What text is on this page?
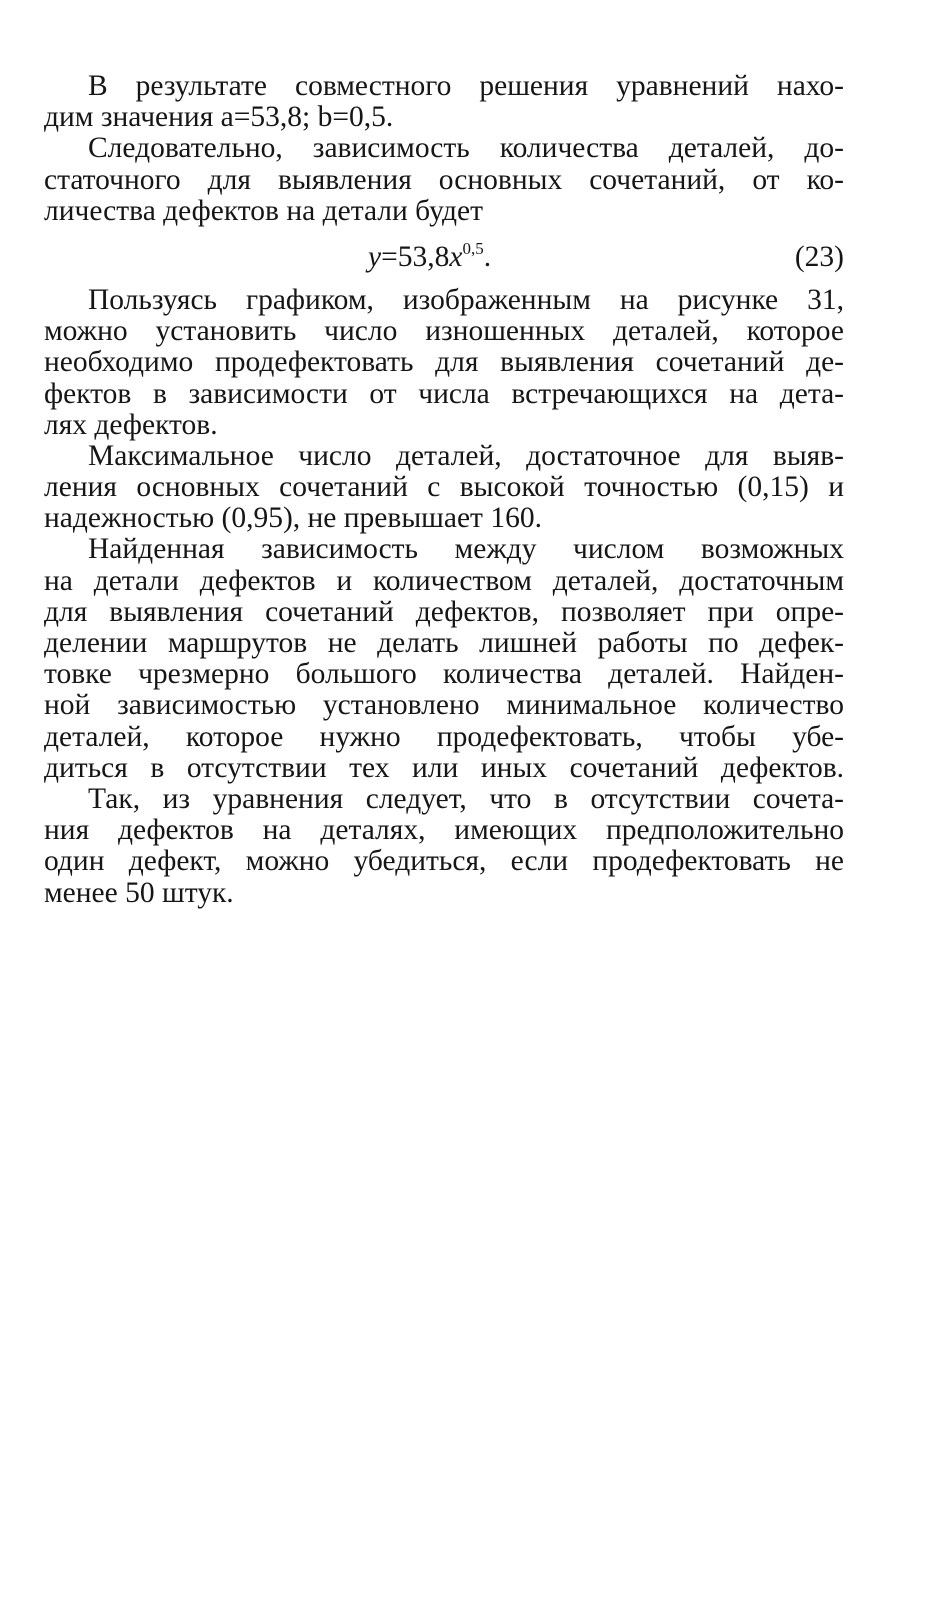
В результате совместного решения уравнений нахо-
дим значения a=53,8; b=0,5.

Следовательно, зависимость количества деталей, до-
статочного для выявления основных сочетаний, от ко-
личества дефектов на детали будет

$y=53,8x^{0,5}$.	(23)

Пользуясь графиком, изображенным на рисунке 31,
можно установить число изношенных деталей, которое
необходимо продефектовать для выявления сочетаний де-
фектов в зависимости от числа встречающихся на дета-
лях дефектов.

Максимальное число деталей, достаточное для выяв-
ления основных сочетаний с высокой точностью (0,15) и
надежностью (0,95), не превышает 160.

Найденная зависимость между числом возможных
на детали дефектов и количеством деталей, достаточным
для выявления сочетаний дефектов, позволяет при опре-
делении маршрутов не делать лишней работы по дефек-
товке чрезмерно большого количества деталей. Найден-
ной зависимостью установлено минимальное количество
деталей, которое нужно продефектовать, чтобы убе-
диться в отсутствии тех или иных сочетаний дефектов.

Так, из уравнения следует, что в отсутствии сочета-
ния дефектов на деталях, имеющих предположительно
один дефект, можно убедиться, если продефектовать не
менее 50 штук.
